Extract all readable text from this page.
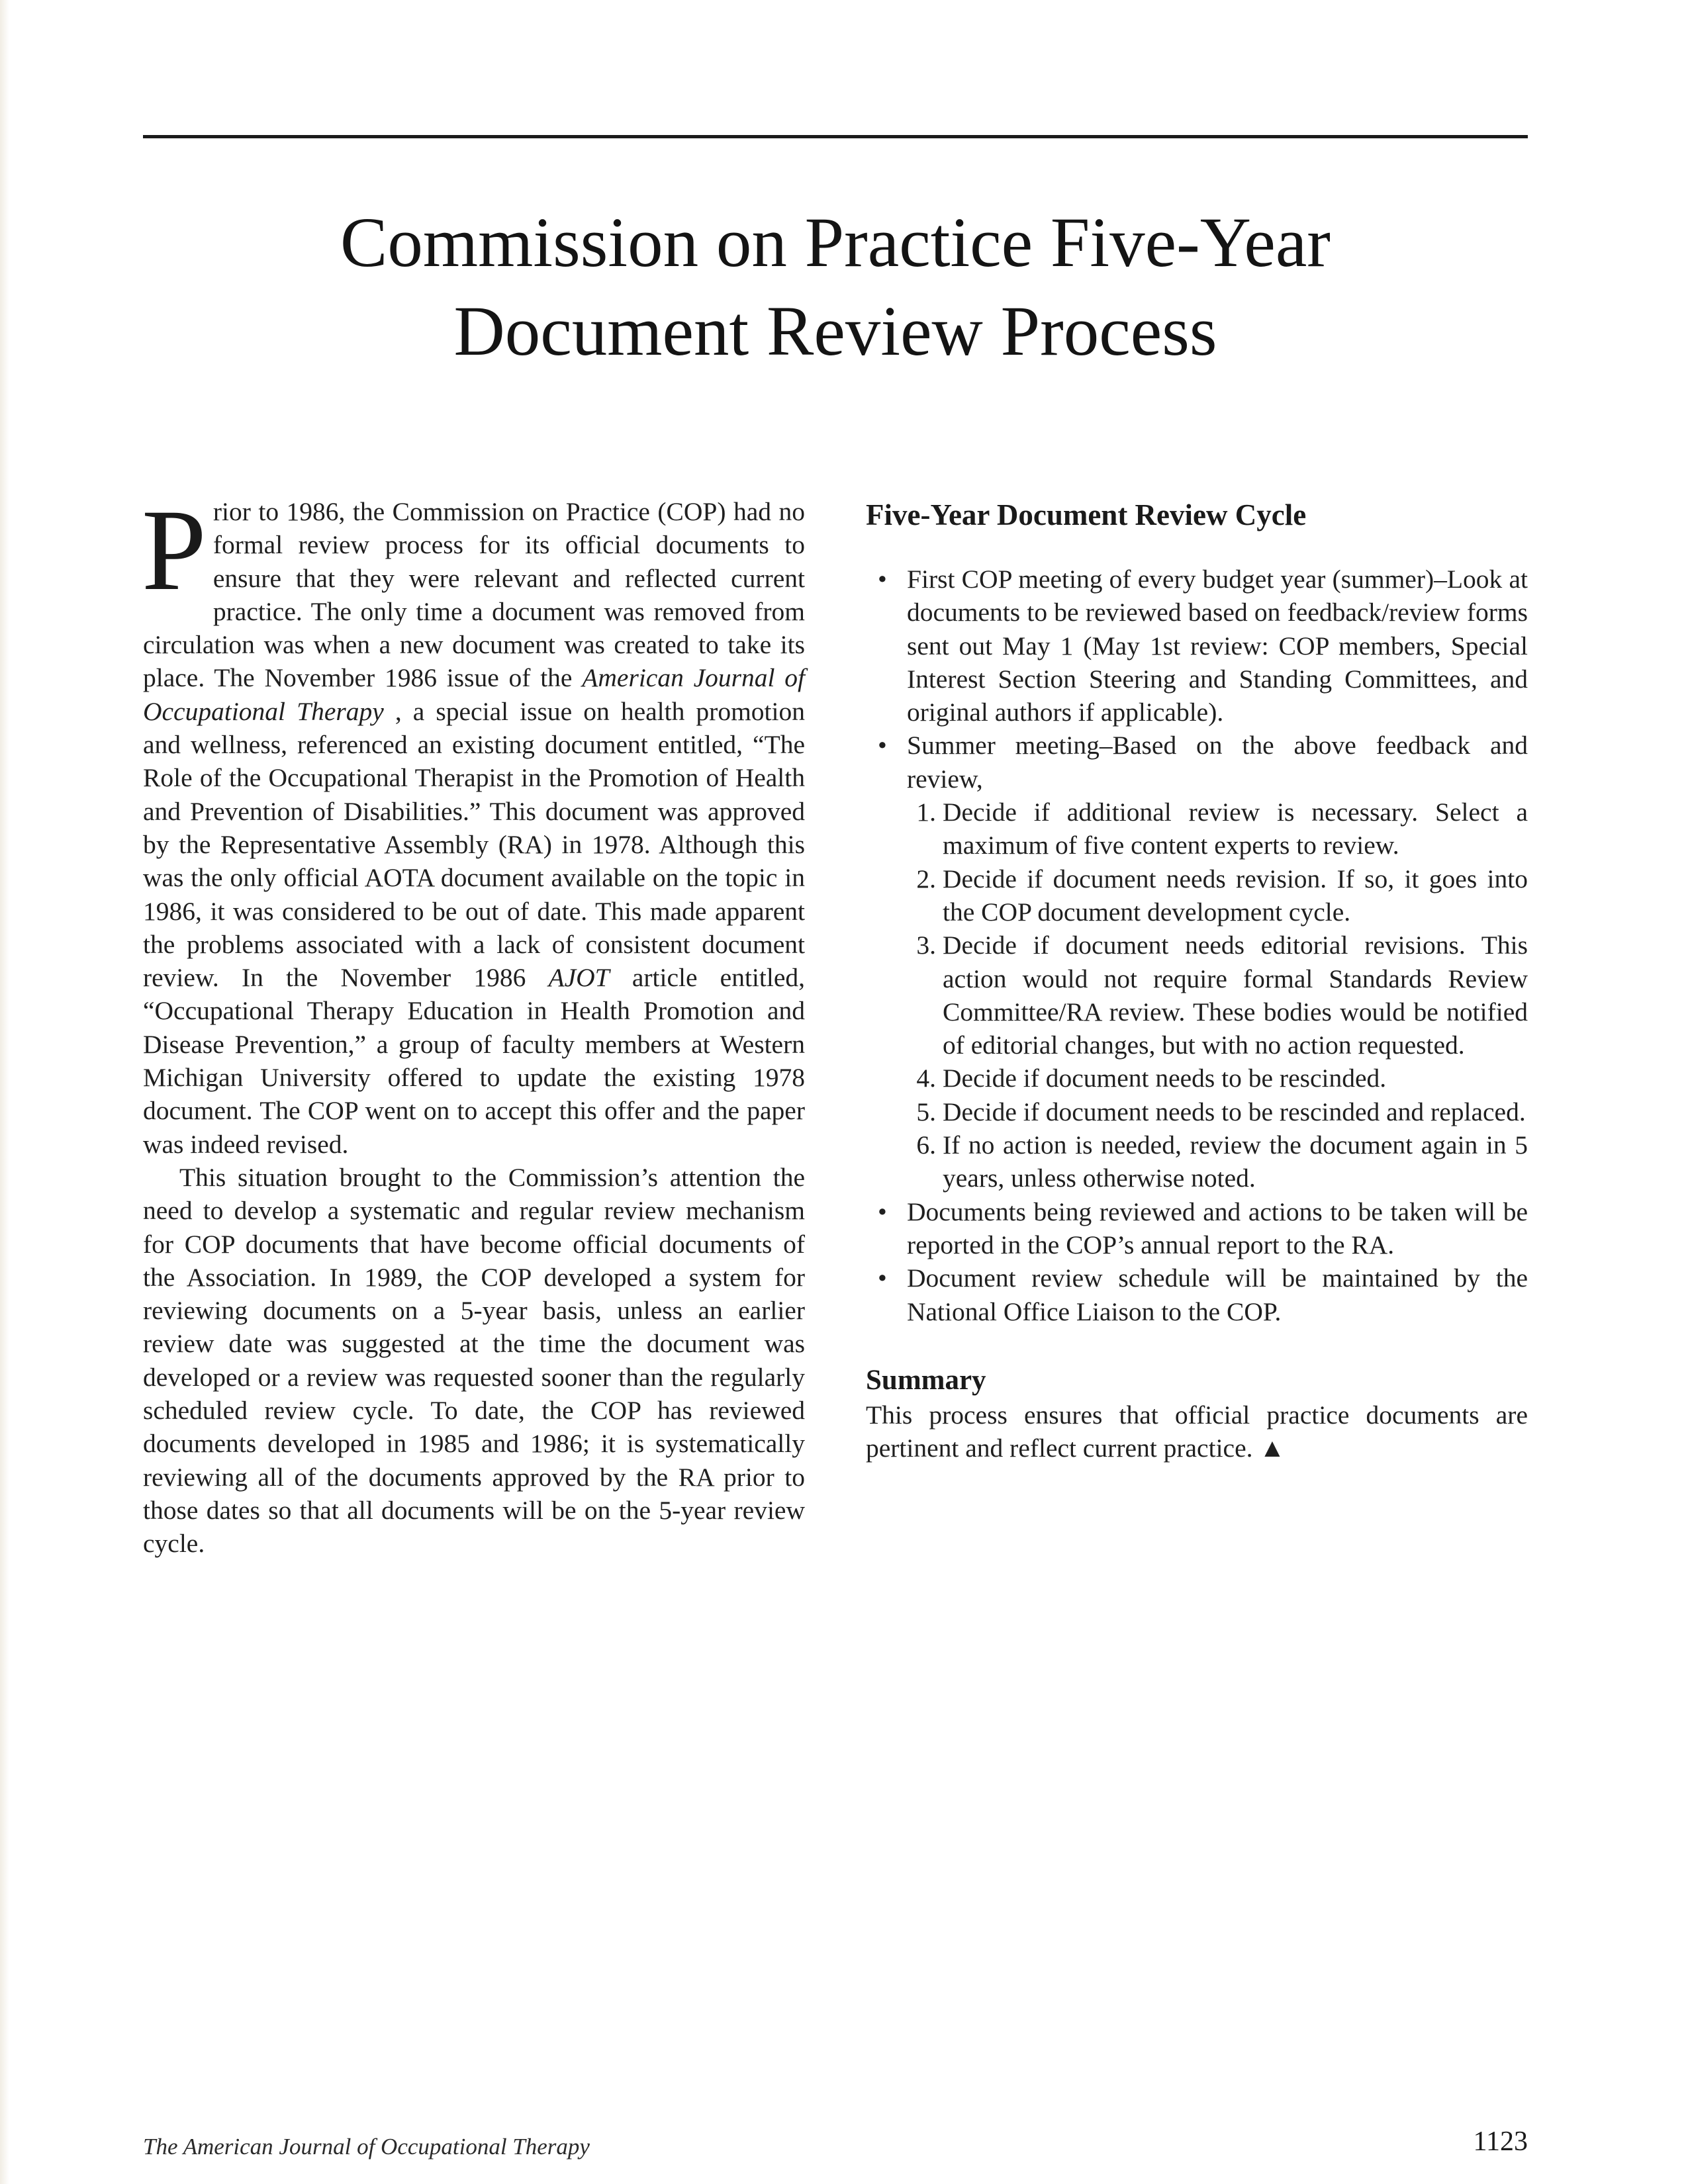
Commission on Practice Five-Year
Document Review Process

Prior to 1986, the Commission on Practice (COP) had no formal review process for its official documents to ensure that they were relevant and reflected current practice. The only time a document was removed from circulation was when a new document was created to take its place. The November 1986 issue of the American Journal of Occupational Therapy , a special issue on health promotion and wellness, referenced an existing document entitled, “The Role of the Occupational Therapist in the Promotion of Health and Prevention of Disabilities.” This document was approved by the Representative Assembly (RA) in 1978. Although this was the only official AOTA document available on the topic in 1986, it was considered to be out of date. This made apparent the problems associated with a lack of consistent document review. In the November 1986 AJOT article entitled, “Occupational Therapy Education in Health Promotion and Disease Prevention,” a group of faculty members at Western Michigan University offered to update the existing 1978 document. The COP went on to accept this offer and the paper was indeed revised.

This situation brought to the Commission’s attention the need to develop a systematic and regular review mechanism for COP documents that have become official documents of the Association. In 1989, the COP developed a system for reviewing documents on a 5-year basis, unless an earlier review date was suggested at the time the document was developed or a review was requested sooner than the regularly scheduled review cycle. To date, the COP has reviewed documents developed in 1985 and 1986; it is systematically reviewing all of the documents approved by the RA prior to those dates so that all documents will be on the 5-year review cycle.

Five-Year Document Review Cycle
• First COP meeting of every budget year (summer)–Look at documents to be reviewed based on feedback/review forms sent out May 1 (May 1st review: COP members, Special Interest Section Steering and Standing Committees, and original authors if applicable).
• Summer meeting–Based on the above feedback and review,
1. Decide if additional review is necessary. Select a maximum of five content experts to review.
2. Decide if document needs revision. If so, it goes into the COP document development cycle.
3. Decide if document needs editorial revisions. This action would not require formal Standards Review Committee/RA review. These bodies would be notified of editorial changes, but with no action requested.
4. Decide if document needs to be rescinded.
5. Decide if document needs to be rescinded and replaced.
6. If no action is needed, review the document again in 5 years, unless otherwise noted.
• Documents being reviewed and actions to be taken will be reported in the COP’s annual report to the RA.
• Document review schedule will be maintained by the National Office Liaison to the COP.
Summary

This process ensures that official practice documents are pertinent and reflect current practice. ▲

The American Journal of Occupational Therapy	1123
